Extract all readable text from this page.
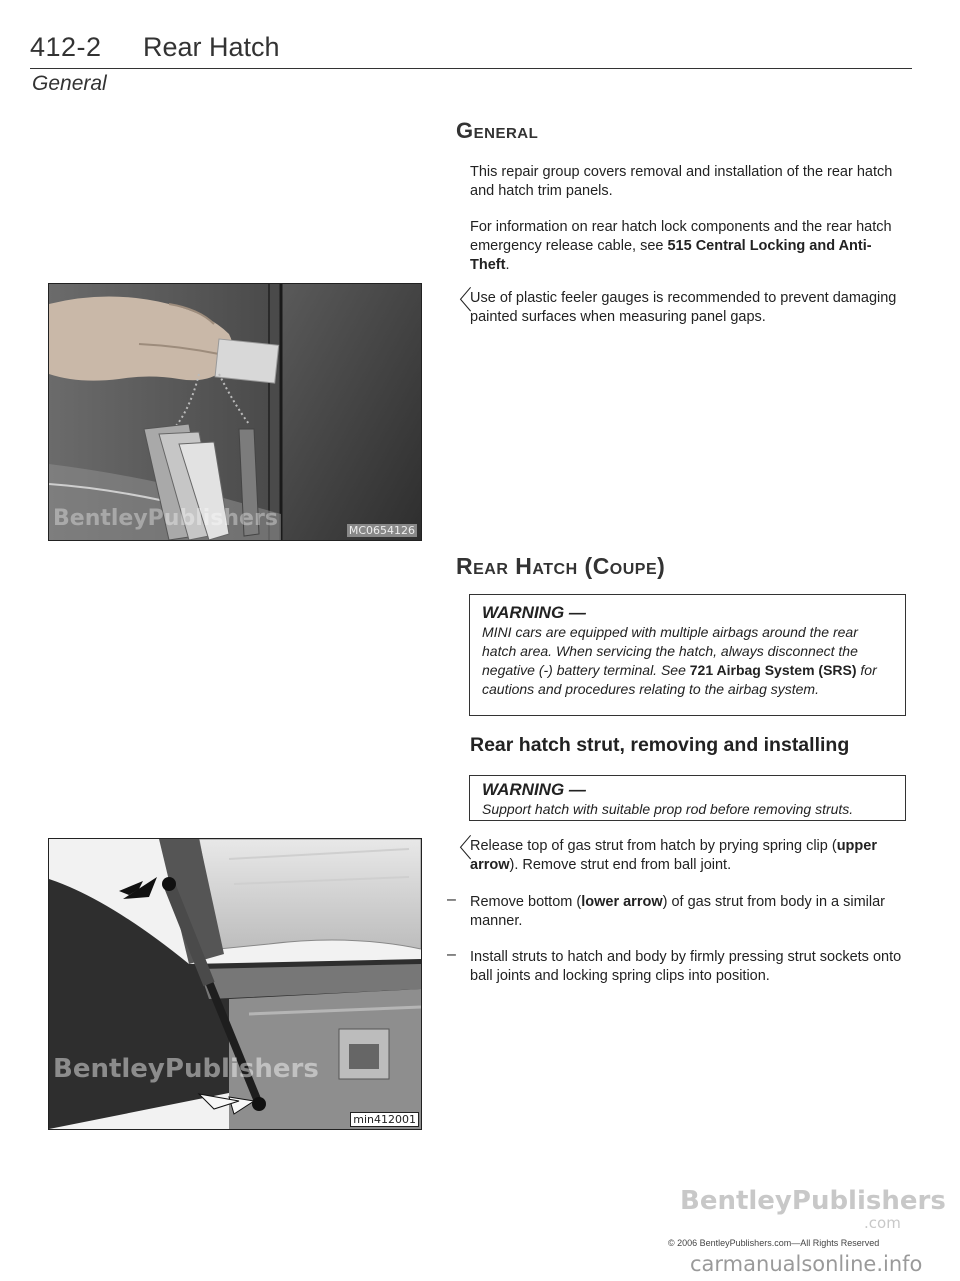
412-2 Rear Hatch
General
General
This repair group covers removal and installation of the rear hatch and hatch trim panels.
For information on rear hatch lock components and the rear hatch emergency release cable, see 515 Central Locking and Anti-Theft.
〈
Use of plastic feeler gauges is recommended to prevent damaging painted surfaces when measuring panel gaps.
BentleyPublishers	MC0654126
Rear Hatch (Coupe)
WARNING —
MINI cars are equipped with multiple airbags around the rear hatch area. When servicing the hatch, always disconnect the negative (-) battery terminal. See 721 Airbag System (SRS) for cautions and procedures relating to the airbag system.
Rear hatch strut, removing and installing
WARNING —
Support hatch with suitable prop rod before removing struts.
〈
Release top of gas strut from hatch by prying spring clip (upper arrow). Remove strut end from ball joint.
– Remove bottom (lower arrow) of gas strut from body in a similar manner.
– Install struts to hatch and body by firmly pressing strut sockets onto ball joints and locking spring clips into position.
BentleyPublishers
min412001
BentleyPublishers
.com
© 2006 BentleyPublishers.com—All Rights Reserved
carmanualsonline.info
